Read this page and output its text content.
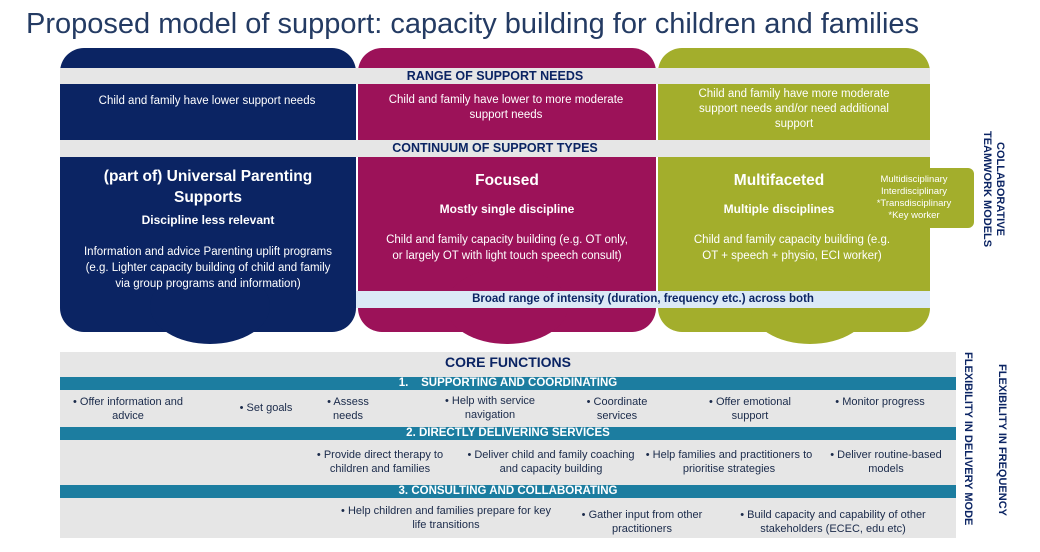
Proposed model of support: capacity building for children and families
RANGE OF SUPPORT NEEDS
CONTINUUM OF SUPPORT TYPES
Child and family have lower support needs	Child and family have lower to more moderate support needs
Child and family have more moderate support needs and/or need additional support
(part of) Universal Parenting Supports
Discipline less relevant
Information and advice Parenting uplift programs (e.g. Lighter capacity building of child and family via group programs and information)
Focused
Mostly single discipline
Child and family capacity building (e.g. OT only, or largely OT with light touch speech consult)
Multifaceted
Multiple disciplines
Child and family capacity building (e.g. OT + speech + physio, ECI worker)
Multidisciplinary
Interdisciplinary
*Transdisciplinary
*Key worker	COLLABORATIVE TEAMWORK MODELS
Broad range of intensity (duration, frequency etc.) across both
CORE FUNCTIONS
1.    SUPPORTING AND COORDINATING
• Offer information and advice
• Set goals	• Assess needs
• Help with service navigation
• Coordinate services
• Offer emotional support
• Monitor progress
2. DIRECTLY DELIVERING SERVICES
• Provide direct therapy to children and families
• Deliver child and family coaching and capacity building
• Help families and practitioners to prioritise strategies
• Deliver routine-based models
3. CONSULTING AND COLLABORATING
• Help children and families prepare for key life transitions
• Gather input from other practitioners
• Build capacity and capability of other stakeholders (ECEC, edu etc)
FLEXIBILITY IN DELIVERY MODE FLEXIBILITY IN FREQUENCY
